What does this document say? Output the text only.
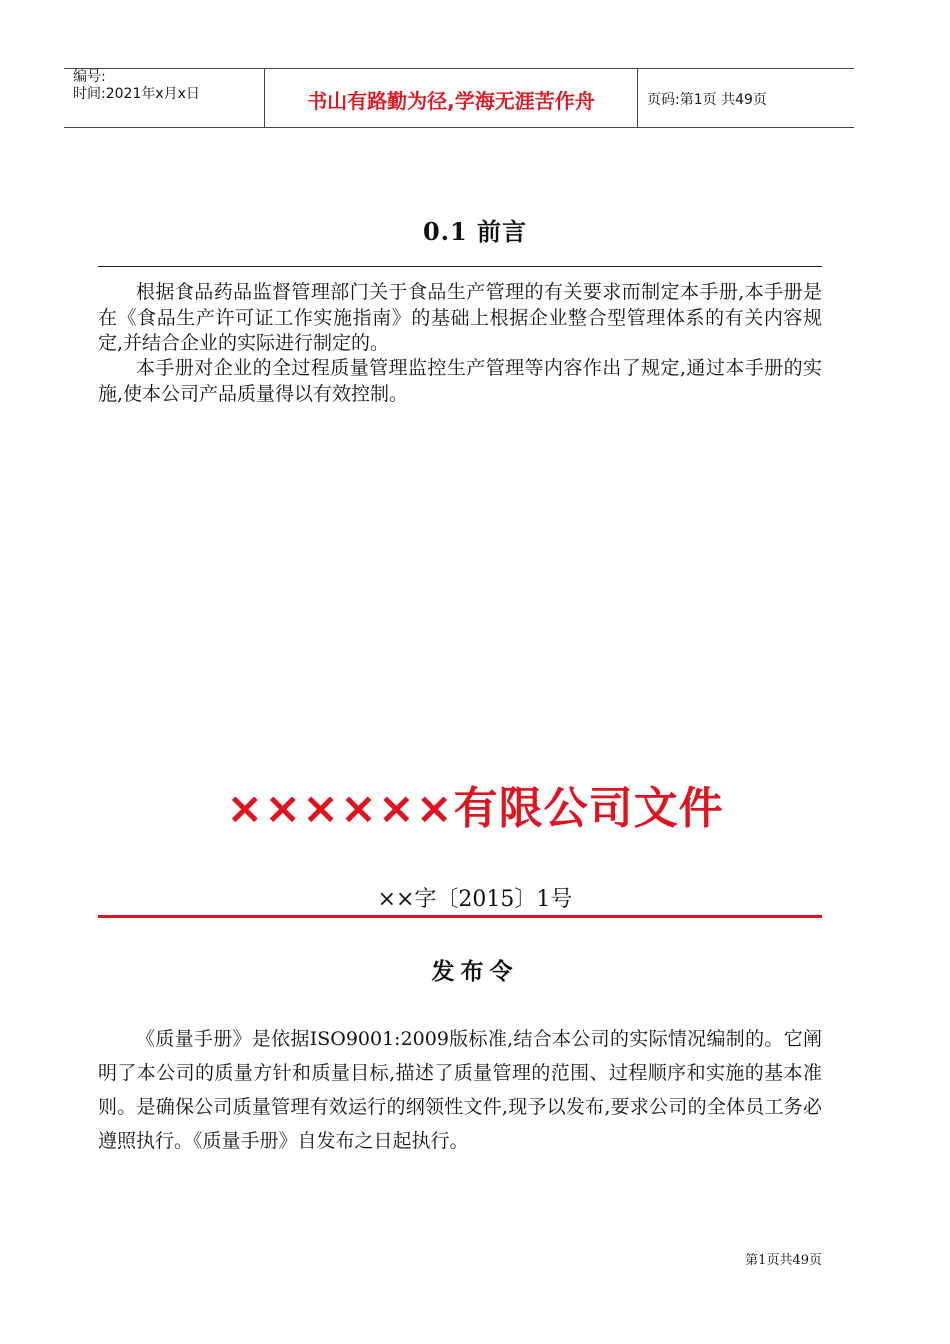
编号:
时间:2021年x月x日	书山有路勤为径,学海无涯苦作舟	页码:第1页 共49页
0.1 前言

根据食品药品监督管理部门关于食品生产管理的有关要求而制定本手册,本手册是在《食品生产许可证工作实施指南》的基础上根据企业整合型管理体系的有关内容规定,并结合企业的实际进行制定的。

本手册对企业的全过程质量管理监控生产管理等内容作出了规定,通过本手册的实施,使本公司产品质量得以有效控制。

××××××有限公司文件
××字〔2015〕1号
发布令

《质量手册》是依据ISO9001:2009版标准,结合本公司的实际情况编制的。它阐明了本公司的质量方针和质量目标,描述了质量管理的范围、过程顺序和实施的基本准则。是确保公司质量管理有效运行的纲领性文件,现予以发布,要求公司的全体员工务必遵照执行。《质量手册》自发布之日起执行。

第1页共49页
